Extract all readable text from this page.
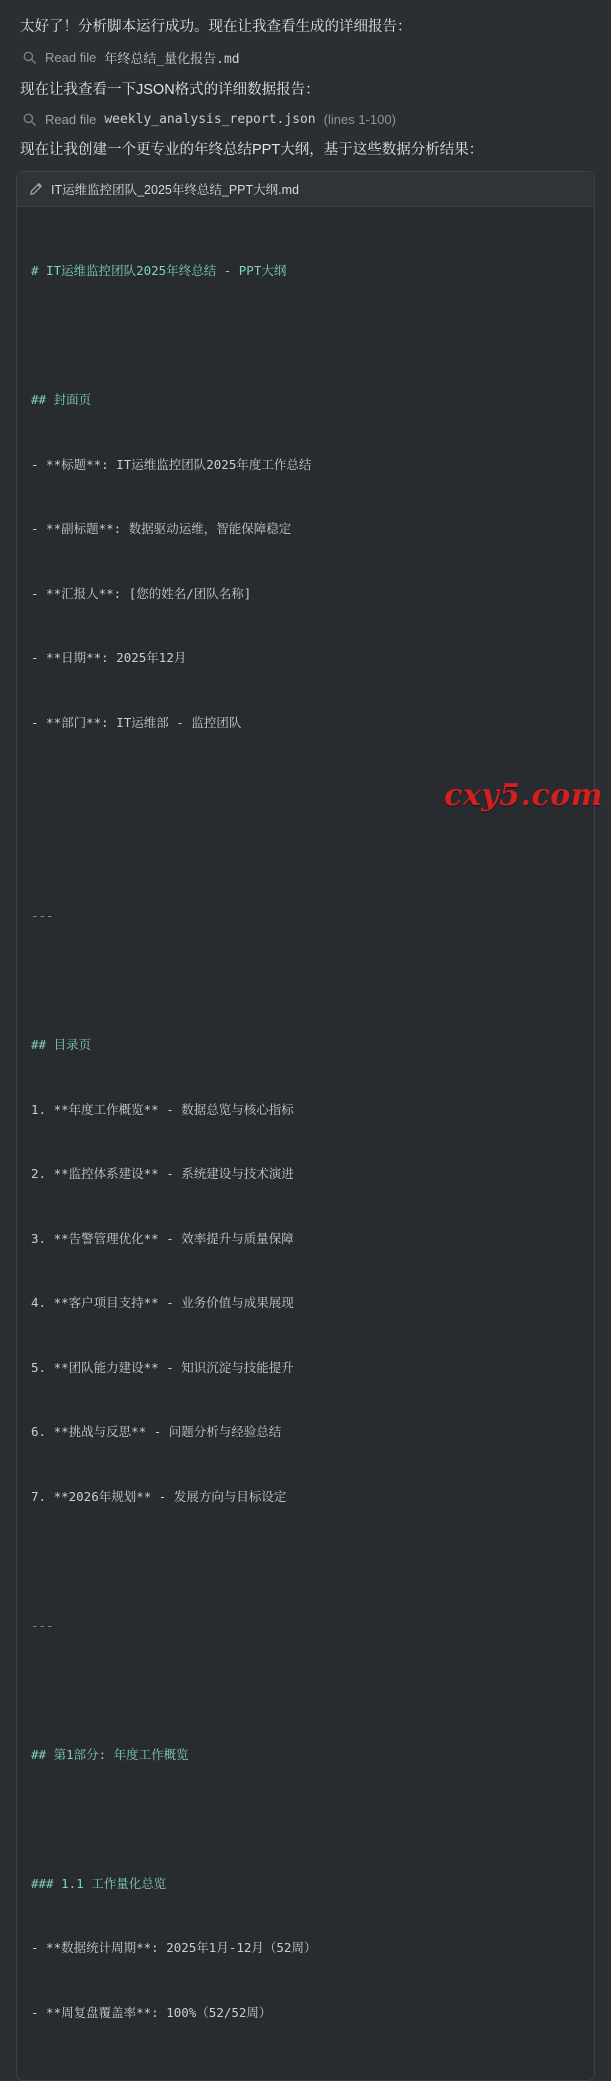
太好了！分析脚本运行成功。现在让我查看生成的详细报告：

Read file 年终总结_量化报告.md

现在让我查看一下JSON格式的详细数据报告：

Read file weekly_analysis_report.json (lines 1-100)

现在让我创建一个更专业的年终总结PPT大纲，基于这些数据分析结果：

IT运维监控团队_2025年终总结_PPT大纲.md

# IT运维监控团队2025年终总结 - PPT大纲

## 封面页

- **标题**: IT运维监控团队2025年度工作总结

- **副标题**: 数据驱动运维，智能保障稳定

- **汇报人**: [您的姓名/团队名称]

- **日期**: 2025年12月

- **部门**: IT运维部 - 监控团队

---

## 目录页

1. **年度工作概览** - 数据总览与核心指标

2. **监控体系建设** - 系统建设与技术演进

3. **告警管理优化** - 效率提升与质量保障

4. **客户项目支持** - 业务价值与成果展现

5. **团队能力建设** - 知识沉淀与技能提升

6. **挑战与反思** - 问题分析与经验总结

7. **2026年规划** - 发展方向与目标设定

---

## 第1部分: 年度工作概览

### 1.1 工作量化总览

- **数据统计周期**: 2025年1月-12月（52周）

- **周复盘覆盖率**: 100%（52/52周）

cxy5.com
